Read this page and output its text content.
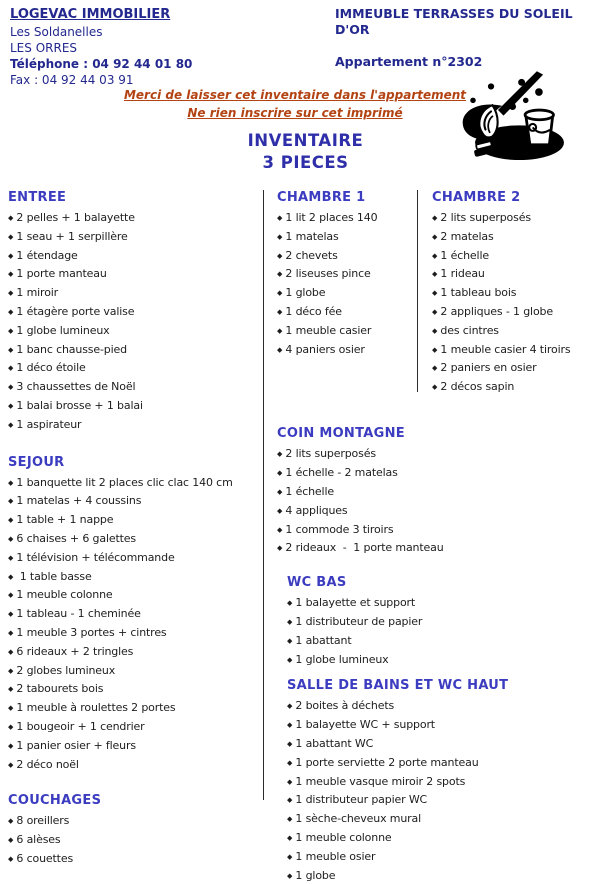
LOGEVAC IMMOBILIER
Les Soldanelles
LES ORRES
Téléphone : 04 92 44 01 80
Fax : 04 92 44 03 91
IMMEUBLE TERRASSES DU SOLEIL D'OR
Appartement n°2302
Merci de laisser cet inventaire dans l'appartement
Ne rien inscrire sur cet imprimé
INVENTAIRE
3 PIECES
ENTREE
◆ 2 pelles + 1 balayette
◆ 1 seau + 1 serpillère
◆ 1 étendage
◆ 1 porte manteau
◆ 1 miroir
◆ 1 étagère porte valise
◆ 1 globe lumineux
◆ 1 banc chausse-pied
◆ 1 déco étoile
◆ 3 chaussettes de Noël
◆ 1 balai brosse + 1 balai
◆ 1 aspirateur
SEJOUR
◆ 1 banquette lit 2 places clic clac 140 cm
◆ 1 matelas + 4 coussins
◆ 1 table + 1 nappe
◆ 6 chaises + 6 galettes
◆ 1 télévision + télécommande
◆ 1 table basse
◆ 1 meuble colonne
◆ 1 tableau - 1 cheminée
◆ 1 meuble 3 portes + cintres
◆ 6 rideaux + 2 tringles
◆ 2 globes lumineux
◆ 2 tabourets bois
◆ 1 meuble à roulettes 2 portes
◆ 1 bougeoir + 1 cendrier
◆ 1 panier osier + fleurs
◆ 2 déco noël
COUCHAGES
◆ 8 oreillers
◆ 6 alèses
◆ 6 couettes
CHAMBRE 1
◆ 1 lit 2 places 140
◆ 1 matelas
◆ 2 chevets
◆ 2 liseuses pince
◆ 1 globe
◆ 1 déco fée
◆ 1 meuble casier
◆ 4 paniers osier
COIN MONTAGNE
◆ 2 lits superposés
◆ 1 échelle - 2 matelas
◆ 1 échelle
◆ 4 appliques
◆ 1 commode 3 tiroirs
◆ 2 rideaux  -  1 porte manteau
WC BAS
◆ 1 balayette et support
◆ 1 distributeur de papier
◆ 1 abattant
◆ 1 globe lumineux
SALLE DE BAINS ET WC HAUT
◆ 2 boites à déchets
◆ 1 balayette WC + support
◆ 1 abattant WC
◆ 1 porte serviette 2 porte manteau
◆ 1 meuble vasque miroir 2 spots
◆ 1 distributeur papier WC
◆ 1 sèche-cheveux mural
◆ 1 meuble colonne
◆ 1 meuble osier
◆ 1 globe
CHAMBRE 2
◆ 2 lits superposés
◆ 2 matelas
◆ 1 échelle
◆ 1 rideau
◆ 1 tableau bois
◆ 2 appliques - 1 globe
◆ des cintres
◆ 1 meuble casier 4 tiroirs
◆ 2 paniers en osier
◆ 2 décos sapin
